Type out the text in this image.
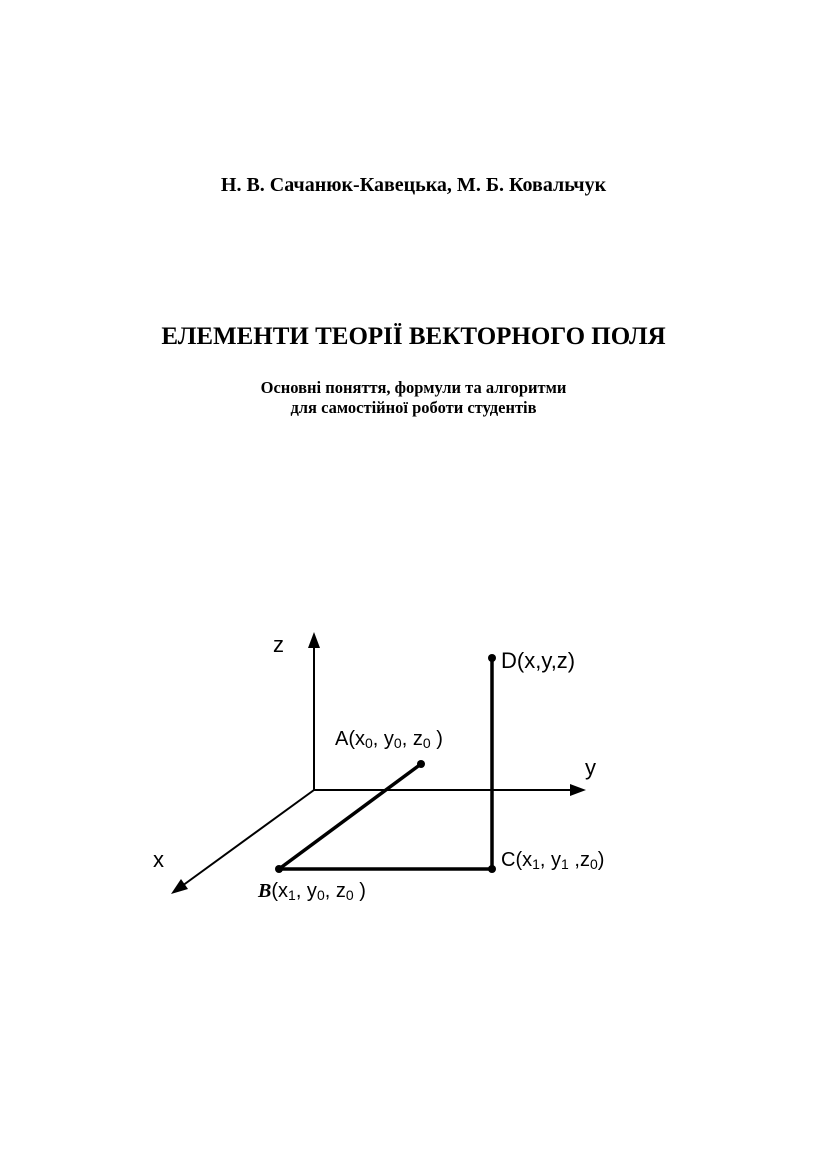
Н. В. Сачанюк-Кавецька, М. Б. Ковальчук
ЕЛЕМЕНТИ ТЕОРІЇ ВЕКТОРНОГО ПОЛЯ
Основні поняття, формули та алгоритми
для самостійної роботи студентів
z
y
x
D(x,y,z)
A(x0, y0, z0 )
C(x1, y1 ,z0)
B(x1, y0, z0 )
